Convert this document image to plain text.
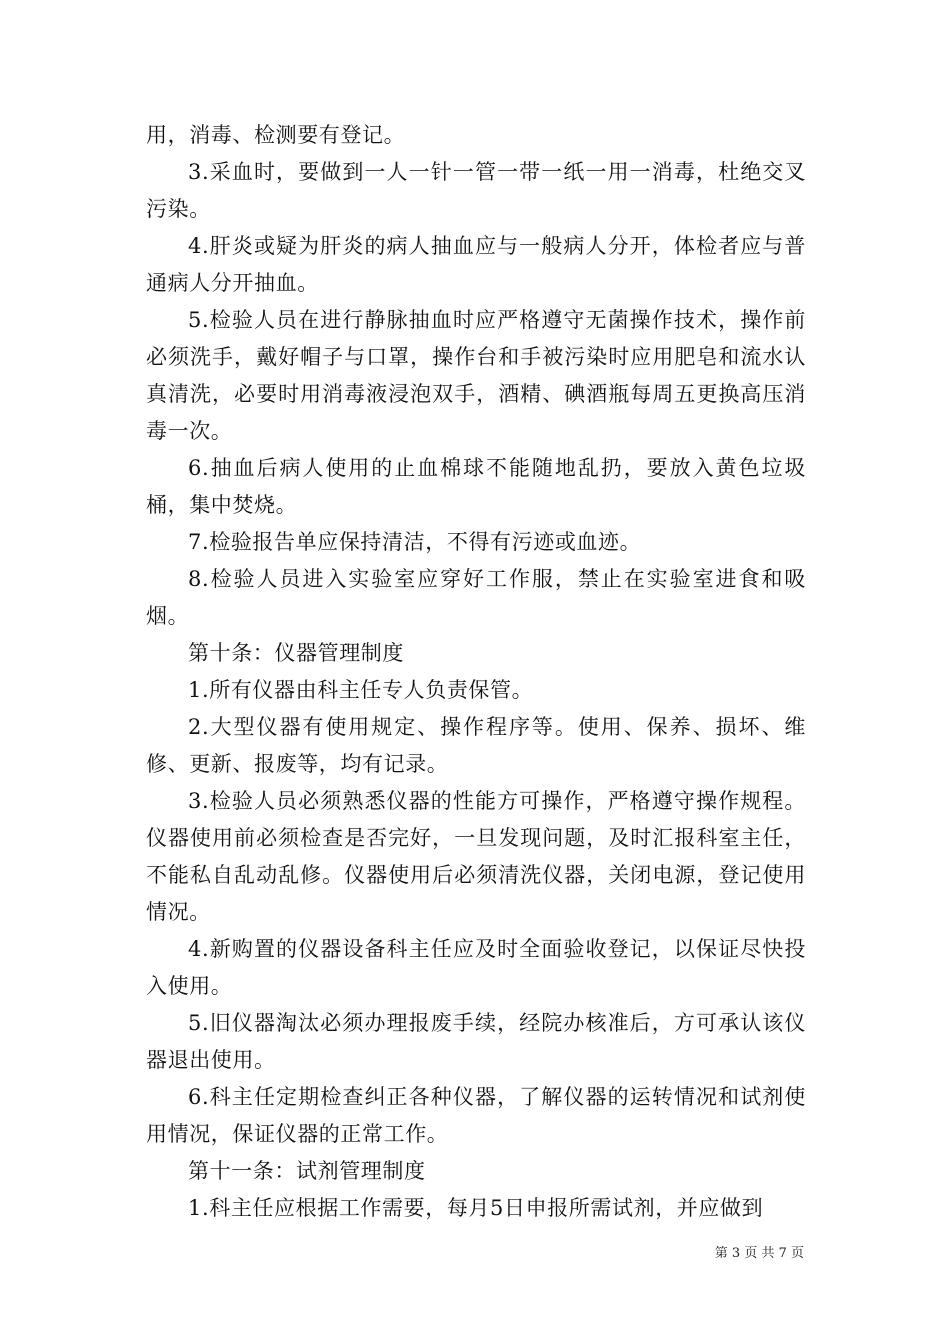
用，消毒、检测要有登记。

3.采血时，要做到一人一针一管一带一纸一用一消毒，杜绝交叉污染。

4.肝炎或疑为肝炎的病人抽血应与一般病人分开，体检者应与普通病人分开抽血。

5.检验人员在进行静脉抽血时应严格遵守无菌操作技术，操作前必须洗手，戴好帽子与口罩，操作台和手被污染时应用肥皂和流水认真清洗，必要时用消毒液浸泡双手，酒精、碘酒瓶每周五更换高压消毒一次。

6.抽血后病人使用的止血棉球不能随地乱扔，要放入黄色垃圾桶，集中焚烧。

7.检验报告单应保持清洁，不得有污迹或血迹。

8.检验人员进入实验室应穿好工作服，禁止在实验室进食和吸烟。

第十条：仪器管理制度

1.所有仪器由科主任专人负责保管。

2.大型仪器有使用规定、操作程序等。使用、保养、损坏、维修、更新、报废等，均有记录。

3.检验人员必须熟悉仪器的性能方可操作，严格遵守操作规程。仪器使用前必须检查是否完好，一旦发现问题，及时汇报科室主任，不能私自乱动乱修。仪器使用后必须清洗仪器，关闭电源，登记使用情况。

4.新购置的仪器设备科主任应及时全面验收登记，以保证尽快投入使用。

5.旧仪器淘汰必须办理报废手续，经院办核准后，方可承认该仪器退出使用。

6.科主任定期检查纠正各种仪器，了解仪器的运转情况和试剂使用情况，保证仪器的正常工作。

第十一条：试剂管理制度

1.科主任应根据工作需要，每月5日申报所需试剂，并应做到

第 3 页 共 7 页
